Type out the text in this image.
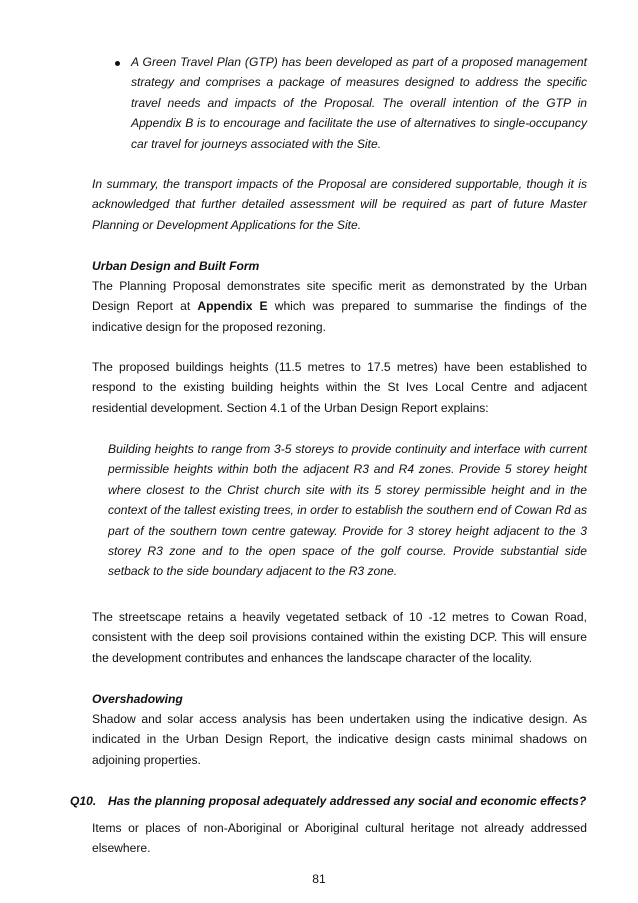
A Green Travel Plan (GTP) has been developed as part of a proposed management strategy and comprises a package of measures designed to address the specific travel needs and impacts of the Proposal. The overall intention of the GTP in Appendix B is to encourage and facilitate the use of alternatives to single-occupancy car travel for journeys associated with the Site.
In summary, the transport impacts of the Proposal are considered supportable, though it is acknowledged that further detailed assessment will be required as part of future Master Planning or Development Applications for the Site.
Urban Design and Built Form
The Planning Proposal demonstrates site specific merit as demonstrated by the Urban Design Report at Appendix E which was prepared to summarise the findings of the indicative design for the proposed rezoning.
The proposed buildings heights (11.5 metres to 17.5 metres) have been established to respond to the existing building heights within the St Ives Local Centre and adjacent residential development. Section 4.1 of the Urban Design Report explains:
Building heights to range from 3-5 storeys to provide continuity and interface with current permissible heights within both the adjacent R3 and R4 zones. Provide 5 storey height where closest to the Christ church site with its 5 storey permissible height and in the context of the tallest existing trees, in order to establish the southern end of Cowan Rd as part of the southern town centre gateway. Provide for 3 storey height adjacent to the 3 storey R3 zone and to the open space of the golf course. Provide substantial side setback to the side boundary adjacent to the R3 zone.
The streetscape retains a heavily vegetated setback of 10 -12 metres to Cowan Road, consistent with the deep soil provisions contained within the existing DCP. This will ensure the development contributes and enhances the landscape character of the locality.
Overshadowing
Shadow and solar access analysis has been undertaken using the indicative design. As indicated in the Urban Design Report, the indicative design casts minimal shadows on adjoining properties.
Q10. Has the planning proposal adequately addressed any social and economic effects?
Items or places of non-Aboriginal or Aboriginal cultural heritage not already addressed elsewhere.
81
